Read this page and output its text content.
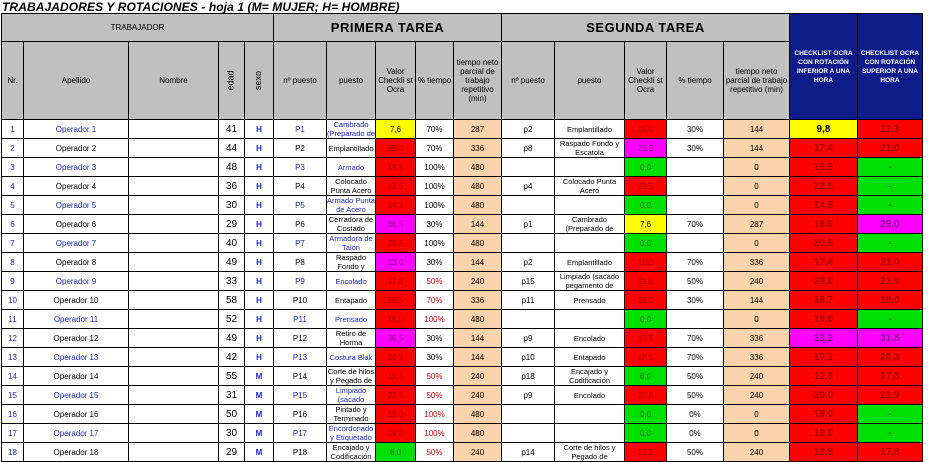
TRABAJADORES Y ROTACIONES - hoja 1 (M= MUJER; H= HOMBRE)
TRABAJADOR					PRIMERA TAREA					SEGUNDA TAREA					CHECKLIST OCRA CON ROTACIÓN INFERIOR A UNA HORA	CHECKLIST OCRA CON ROTACIÓN SUPERIOR A UNA HORA
Nr.	Apellido	Nombre	edad	sexo	nº puesto	puesto	Valor Checkli st Ocra	% tiempo	tiempo neto parcial de trabajo repetitivo (min)	nº puesto	puesto	Valor Checkli st Ocra	% tiempo	tiempo neto parcial de trabajo repetitivo (min)		
1	Operador 1		41	H	P1	Cambrado (Preparado de	7,6	70%	287	p2	Emplantillado	15,0	30%	144	9,8	11,3
2	Operador 2		44	H	P2	Emplantillado	15,0	70%	336	p8	Raspado Fondo y Escatola	23,0	30%	144	17,4	21,0
3	Operador 3		48	H	P3	Armado	19,5	100%	480			0,0		0	19,5	-
4	Operador 4		36	H	P4	Colocado Punta Acero	22,5	100%	480	p4	Colocado Punta Acero	22,5		0	22,5	-
5	Operador 5		30	H	P5	Armado Punta de Acero	14,5	100%	480			0,0		0	14,5	-
6	Operador 6		29	H	P6	Cerradora de Costado	36,5	30%	144	p1	Cambrado (Preparado de	7,6	70%	287	16,0	29,0
7	Operador 7		40	H	P7	Armadora de Talón	20,5	100%	480			0,0		0	20,5	-
8	Operador 8		49	H	P8	Raspado Fondo y	23,0	30%	144	p2	Emplantillado	15,0	70%	336	17,4	21,0
9	Operador 9		33	H	P9	Encolado	17,5	50%	240	p15	Limpiado (sacado pegamento de	22,5	50%	240	20,0	21,9
10	Operador 10		58	H	P10	Entapado	18,5	70%	336	p11	Prensado	19,0	30%	144	18,7	19,0
11	Operador 11		52	H	P11	Prensado	19,0	100%	480			0,0		0	19,0	-
12	Operador 12		49	H	P12	Retiro de Horma	36,5	30%	144	p9	Encolado	17,5	70%	336	23,2	31,8
13	Operador 13		42	H	P13	Costura Blak	20,5	30%	144	p10	Entapado	18,5	70%	336	19,1	20,3
14	Operador 14		55	M	P14	Corte de hilos y Pegado de	19,5	50%	240	p18	Encajado y Codificación	6,0	50%	240	12,8	17,8
15	Operador 15		31	M	P15	Limpiado (sacado	22,5	50%	240	p9	Encolado	17,5	50%	240	20,0	21,9
16	Operador 16		50	M	P16	Pintado y Terminado	19,0	100%	480			0,0	0%	0	19,0	-
17	Operador 17		30	M	P17	Encordonado y Etiquetado	19,0	100%	480			0,0	0%	0	19,0	-
18	Operador 18		29	M	P18	Encajado y Codificación	6,0	50%	240	p14	Corte de hilos y Pegado de	19,5	50%	240	12,8	17,8
